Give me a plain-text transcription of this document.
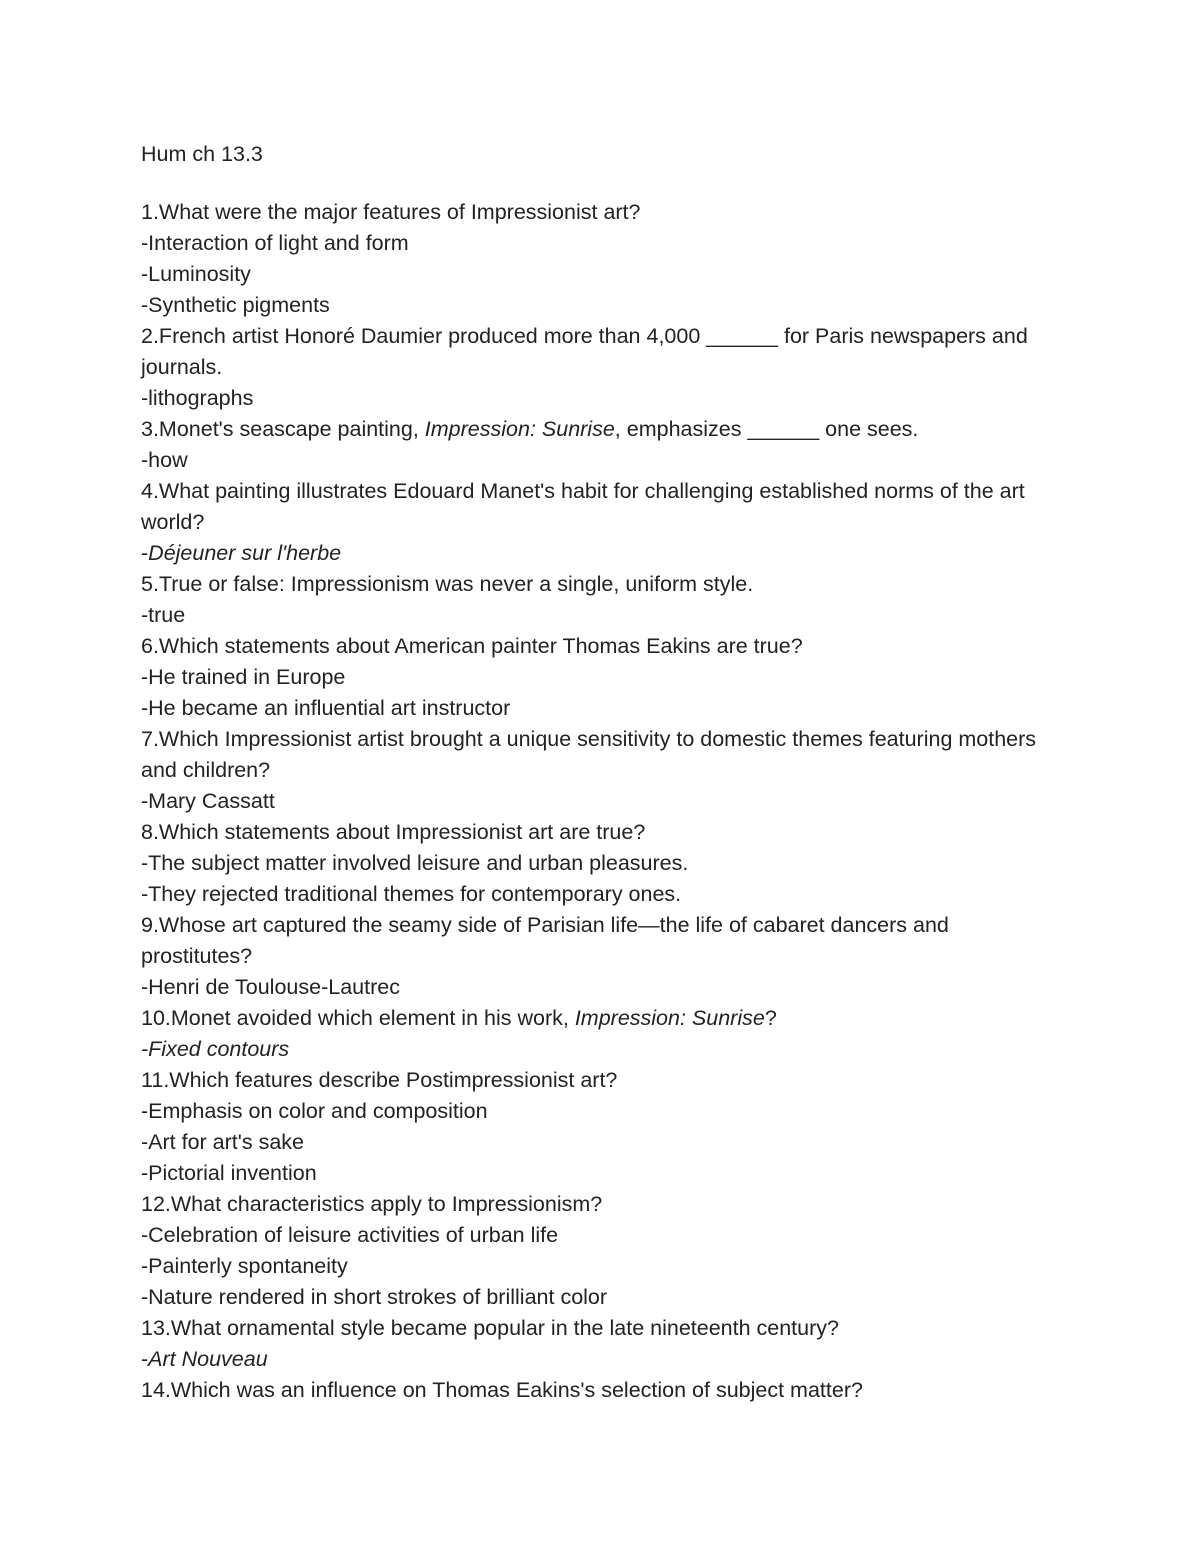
Hum ch 13.3

1.What were the major features of Impressionist art?

-Interaction of light and form

-Luminosity

-Synthetic pigments

2.French artist Honoré Daumier produced more than 4,000 ______ for Paris newspapers and journals.

-lithographs

3.Monet's seascape painting, Impression: Sunrise, emphasizes ______ one sees.

-how

4.What painting illustrates Edouard Manet's habit for challenging established norms of the art world?

-Déjeuner sur l'herbe

5.True or false: Impressionism was never a single, uniform style.

-true

6.Which statements about American painter Thomas Eakins are true?

-He trained in Europe

-He became an influential art instructor

7.Which Impressionist artist brought a unique sensitivity to domestic themes featuring mothers and children?

-Mary Cassatt

8.Which statements about Impressionist art are true?

-The subject matter involved leisure and urban pleasures.

-They rejected traditional themes for contemporary ones.

9.Whose art captured the seamy side of Parisian life—the life of cabaret dancers and prostitutes?

-Henri de Toulouse-Lautrec

10.Monet avoided which element in his work, Impression: Sunrise?

-Fixed contours

11.Which features describe Postimpressionist art?

-Emphasis on color and composition

-Art for art's sake

-Pictorial invention

12.What characteristics apply to Impressionism?

-Celebration of leisure activities of urban life

-Painterly spontaneity

-Nature rendered in short strokes of brilliant color

13.What ornamental style became popular in the late nineteenth century?

-Art Nouveau

14.Which was an influence on Thomas Eakins's selection of subject matter?
